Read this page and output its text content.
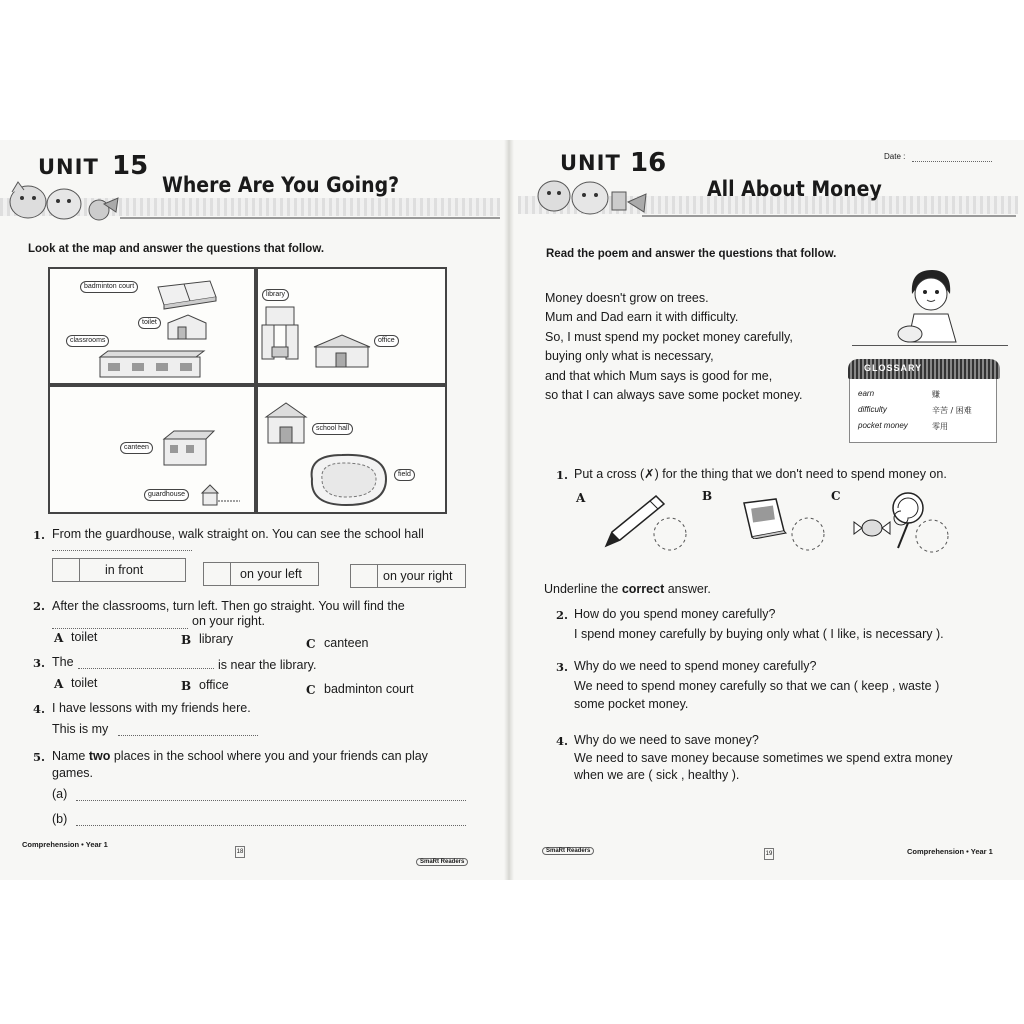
UNIT 15
Where Are You Going?
Look at the map and answer the questions that follow.
badminton court
toilet
classrooms
library
office
canteen
guardhouse
school hall
field
1. From the guardhouse, walk straight on. You can see the school hall
in front	on your left	on your right
2. After the classrooms, turn left. Then go straight. You will find the
on your right.
A toilet	B library	C canteen
3. The	is near the library.
A toilet	B office	C badminton court
4. I have lessons with my friends here.
This is my
5. Name two places in the school where you and your friends can play
games.
(a)
(b)
Comprehension • Year 1
18
SmaRt Readers
Date :
UNIT 16
All About Money
Read the poem and answer the questions that follow.
Money doesn't grow on trees.
Mum and Dad earn it with difficulty.
So, I must spend my pocket money carefully,
buying only what is necessary,
and that which Mum says is good for me,
so that I can always save some pocket money.
GLOSSARY
earn	赚
difficulty	辛苦 / 困难
pocket money	零用
1. Put a cross (✗) for the thing that we don't need to spend money on.
A	B	C
Underline the correct answer.
2. How do you spend money carefully?
I spend money carefully by buying only what ( I like, is necessary ).
3. Why do we need to spend money carefully?
We need to spend money carefully so that we can ( keep , waste )
some pocket money.
4. Why do we need to save money?
We need to save money because sometimes we spend extra money
when we are ( sick , healthy ).
SmaRt Readers	19	Comprehension • Year 1
